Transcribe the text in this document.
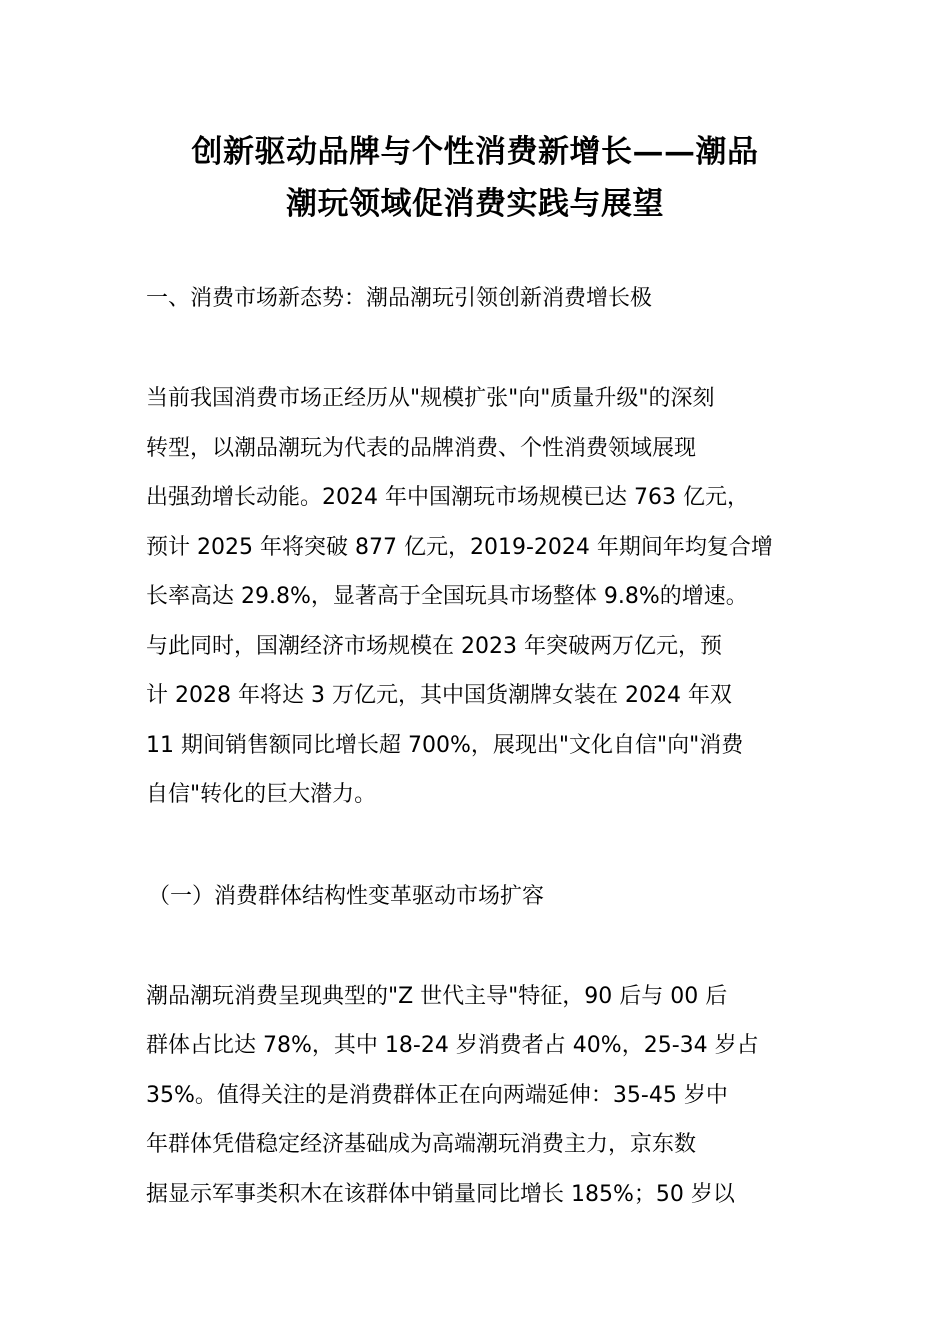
创新驱动品牌与个性消费新增长——潮品
潮玩领域促消费实践与展望
一、消费市场新态势：潮品潮玩引领创新消费增长极
当前我国消费市场正经历从"规模扩张"向"质量升级"的深刻
转型，以潮品潮玩为代表的品牌消费、个性消费领域展现
出强劲增长动能。2024 年中国潮玩市场规模已达 763 亿元，
预计 2025 年将突破 877 亿元，2019-2024 年期间年均复合增
长率高达 29.8%，显著高于全国玩具市场整体 9.8%的增速。
与此同时，国潮经济市场规模在 2023 年突破两万亿元，预
计 2028 年将达 3 万亿元，其中国货潮牌女装在 2024 年双
11 期间销售额同比增长超 700%，展现出"文化自信"向"消费
自信"转化的巨大潜力。
（一）消费群体结构性变革驱动市场扩容
潮品潮玩消费呈现典型的"Z 世代主导"特征，90 后与 00 后
群体占比达 78%，其中 18-24 岁消费者占 40%，25-34 岁占
35%。值得关注的是消费群体正在向两端延伸：35-45 岁中
年群体凭借稳定经济基础成为高端潮玩消费主力，京东数
据显示军事类积木在该群体中销量同比增长 185%；50 岁以
